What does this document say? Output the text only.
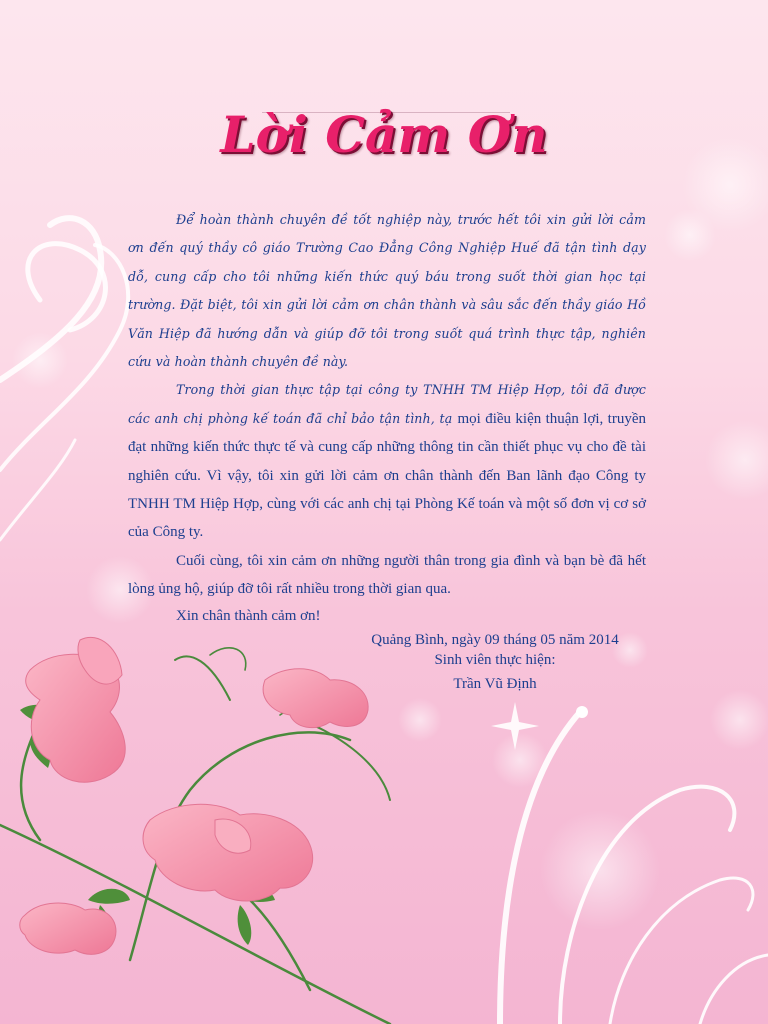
Lời Cảm Ơn

Để hoàn thành chuyên đề tốt nghiệp này, trước hết tôi xin gửi lời cảm ơn đến quý thầy cô giáo Trường Cao Đẳng Công Nghiệp Huế đã tận tình dạy dỗ, cung cấp cho tôi những kiến thức quý báu trong suốt thời gian học tại trường. Đặt biệt, tôi xin gửi lời cảm ơn chân thành và sâu sắc đến thầy giáo Hồ Văn Hiệp đã hướng dẫn và giúp đỡ tôi trong suốt quá trình thực tập, nghiên cứu và hoàn thành chuyên đề này.

Trong thời gian thực tập tại công ty TNHH TM Hiệp Hợp, tôi đã được các anh chị phòng kế toán đã chỉ bảo tận tình, tạ mọi điều kiện thuận lợi, truyền đạt những kiến thức thực tế và cung cấp những thông tin cần thiết phục vụ cho đề tài nghiên cứu. Vì vậy, tôi xin gửi lời cảm ơn chân thành đến Ban lãnh đạo Công ty TNHH TM Hiệp Hợp, cùng với các anh chị tại Phòng Kế toán và một số đơn vị cơ sở của Công ty.

Cuối cùng, tôi xin cảm ơn những người thân trong gia đình và bạn bè đã hết lòng ủng hộ, giúp đỡ tôi rất nhiều trong thời gian qua.

Xin chân thành cảm ơn!
Quảng Bình, ngày 09 tháng 05 năm 2014
Sinh viên thực hiện:
Trần Vũ Định
